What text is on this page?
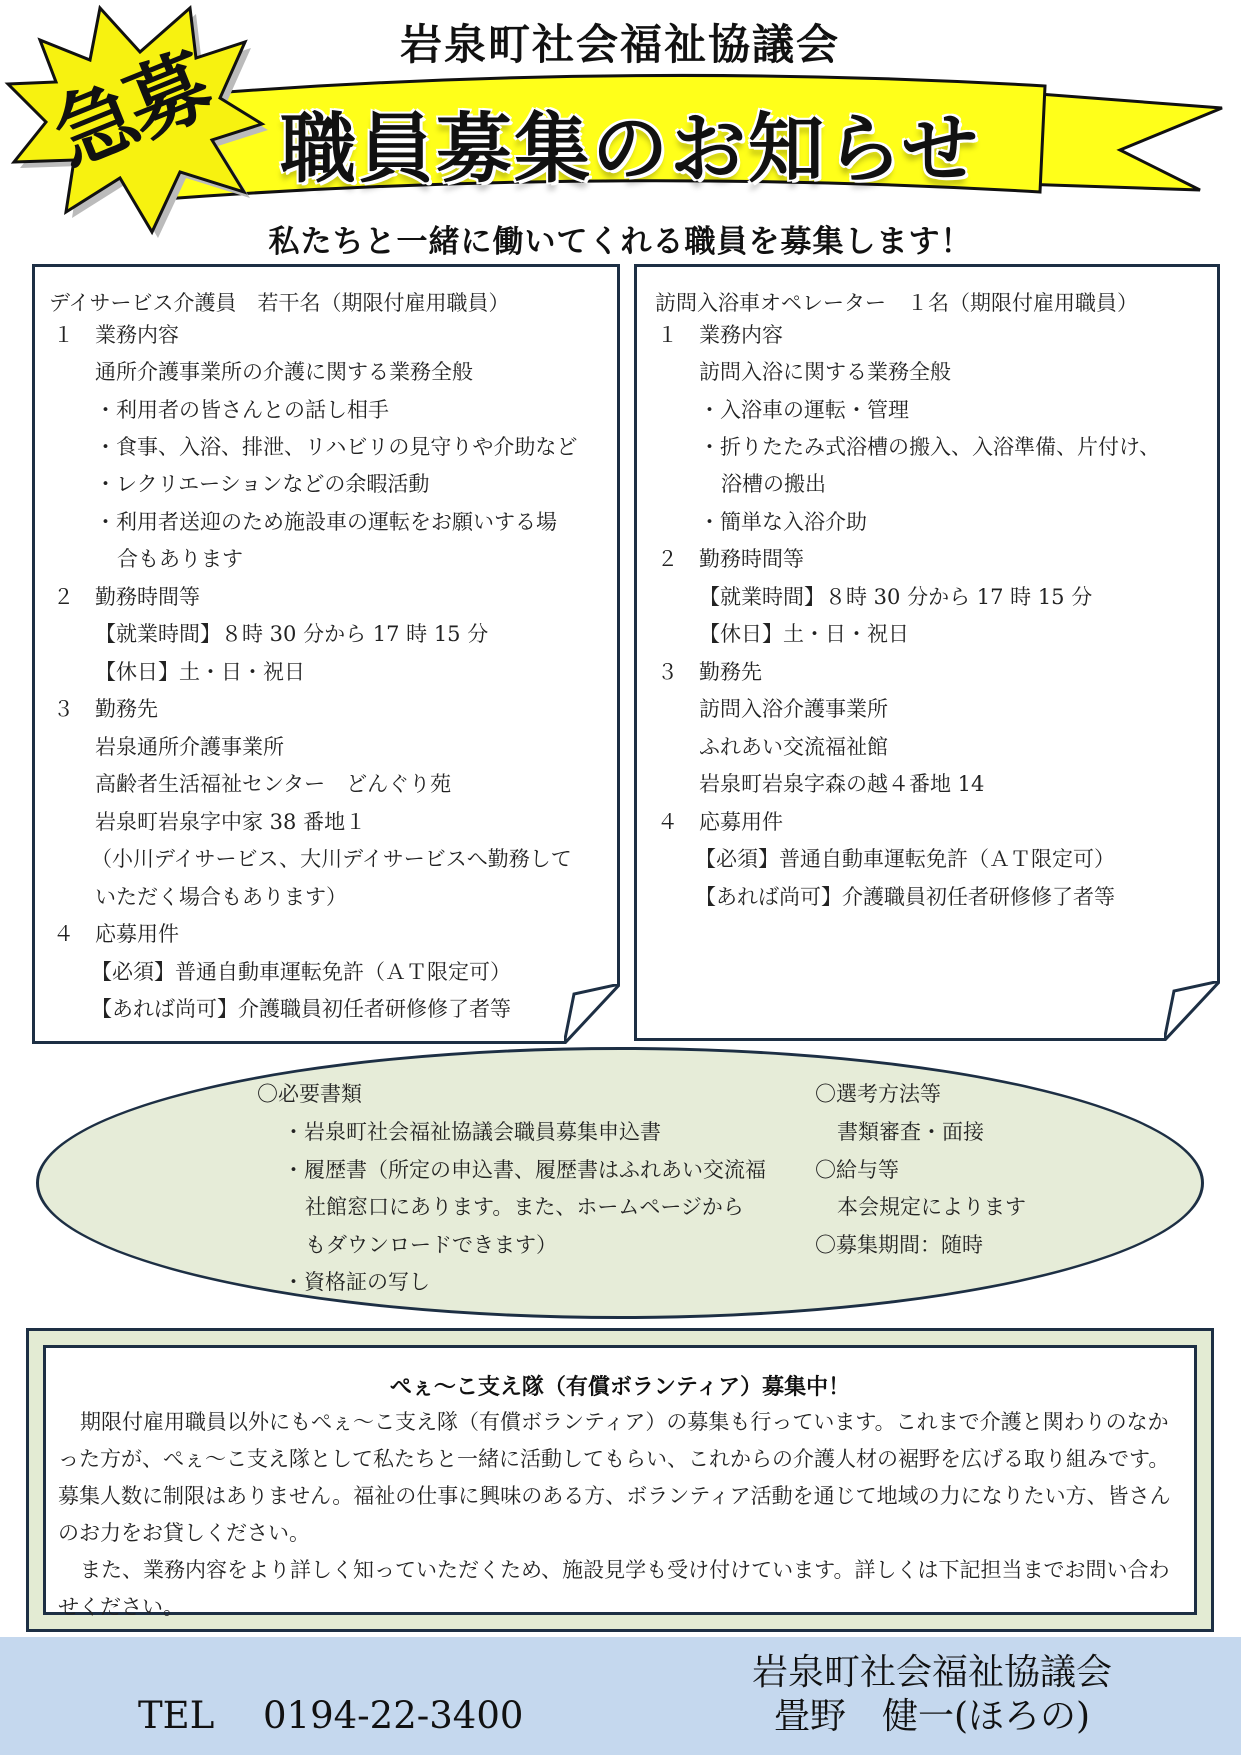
岩泉町社会福祉協議会
急募 職員募集のお知らせ
私たちと一緒に働いてくれる職員を募集します！
デイサービス介護員　若干名（期限付雇用職員）
１　業務内容
通所介護事業所の介護に関する業務全般
・利用者の皆さんとの話し相手
・食事、入浴、排泄、リハビリの見守りや介助など
・レクリエーションなどの余暇活動
・利用者送迎のため施設車の運転をお願いする場
合もあります
２　勤務時間等
【就業時間】８時 30 分から 17 時 15 分
【休日】土・日・祝日
３　勤務先
岩泉通所介護事業所
高齢者生活福祉センター　どんぐり苑
岩泉町岩泉字中家 38 番地１
（小川デイサービス、大川デイサービスへ勤務して
いただく場合もあります）
４　応募用件
【必須】普通自動車運転免許（ＡＴ限定可）
【あれば尚可】介護職員初任者研修修了者等
訪問入浴車オペレーター　１名（期限付雇用職員）
１　業務内容
訪問入浴に関する業務全般
・入浴車の運転・管理
・折りたたみ式浴槽の搬入、入浴準備、片付け、
浴槽の搬出
・簡単な入浴介助
２　勤務時間等
【就業時間】８時 30 分から 17 時 15 分
【休日】土・日・祝日
３　勤務先
訪問入浴介護事業所
ふれあい交流福祉館
岩泉町岩泉字森の越４番地 14
４　応募用件
【必須】普通自動車運転免許（ＡＴ限定可）
【あれば尚可】介護職員初任者研修修了者等
〇必要書類
・岩泉町社会福祉協議会職員募集申込書
・履歴書（所定の申込書、履歴書はふれあい交流福
社館窓口にあります。また、ホームページから
もダウンロードできます）
・資格証の写し
〇選考方法等
書類審査・面接
〇給与等
本会規定によります
〇募集期間：随時
ぺぇ～こ支え隊（有償ボランティア）募集中！

期限付雇用職員以外にもぺぇ～こ支え隊（有償ボランティア）の募集も行っています。これまで介護と関わりのなかった方が、ぺぇ～こ支え隊として私たちと一緒に活動してもらい、これからの介護人材の裾野を広げる取り組みです。募集人数に制限はありません。福祉の仕事に興味のある方、ボランティア活動を通じて地域の力になりたい方、皆さんのお力をお貸しください。

また、業務内容をより詳しく知っていただくため、施設見学も受け付けています。詳しくは下記担当までお問い合わせください。

TEL　 0194-22-3400
岩泉町社会福祉協議会
畳野　健一(ほろの)
